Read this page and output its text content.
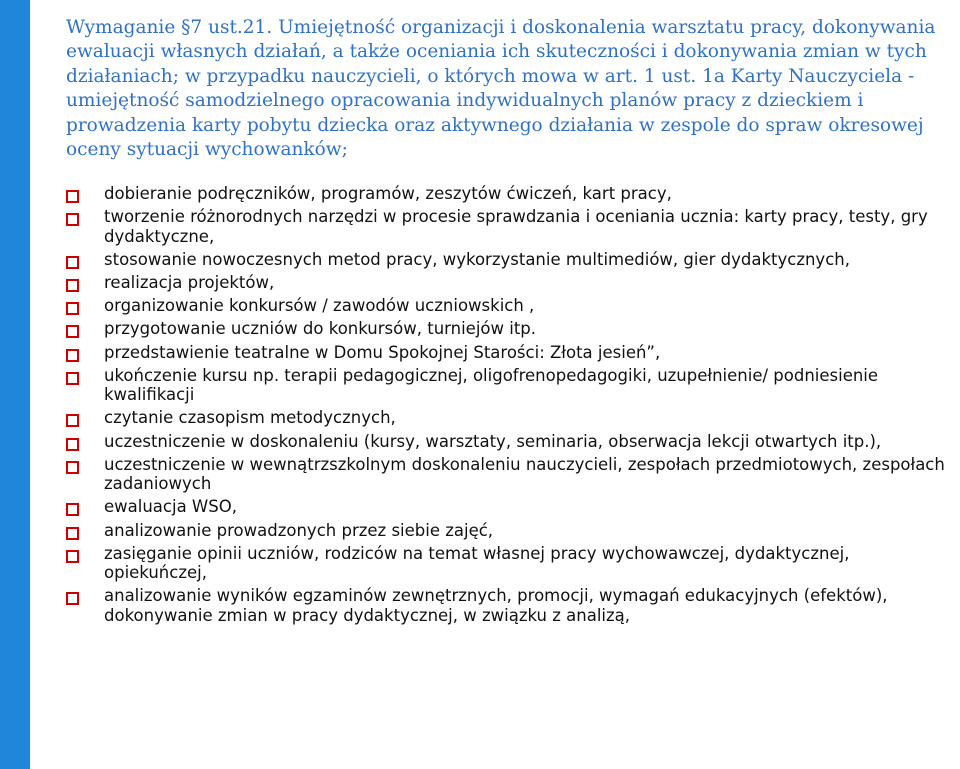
Wymaganie §7 ust.21. Umiejętność organizacji i doskonalenia warsztatu pracy, dokonywania ewaluacji własnych działań, a także oceniania ich skuteczności i dokonywania zmian w tych działaniach; w przypadku nauczycieli, o których mowa w art. 1 ust. 1a Karty Nauczyciela - umiejętność samodzielnego opracowania indywidualnych planów pracy z dzieckiem i prowadzenia karty pobytu dziecka oraz aktywnego działania w zespole do spraw okresowej oceny sytuacji wychowanków;

dobieranie podręczników, programów, zeszytów ćwiczeń, kart pracy,
tworzenie różnorodnych narzędzi w procesie sprawdzania i oceniania ucznia: karty pracy, testy, gry dydaktyczne,
stosowanie nowoczesnych metod pracy, wykorzystanie multimediów, gier dydaktycznych,
realizacja projektów,
organizowanie konkursów / zawodów uczniowskich ,
przygotowanie uczniów do konkursów, turniejów itp.
przedstawienie teatralne w Domu Spokojnej Starości: Złota jesień”,
ukończenie kursu np. terapii pedagogicznej, oligofrenopedagogiki, uzupełnienie/ podniesienie kwalifikacji
czytanie czasopism metodycznych,
uczestniczenie w doskonaleniu (kursy, warsztaty, seminaria, obserwacja lekcji otwartych itp.),
uczestniczenie w wewnątrzszkolnym doskonaleniu nauczycieli, zespołach przedmiotowych, zespołach zadaniowych
ewaluacja WSO,
analizowanie prowadzonych przez siebie zajęć,
zasięganie opinii uczniów, rodziców na temat własnej pracy wychowawczej, dydaktycznej, opiekuńczej,
analizowanie wyników egzaminów zewnętrznych, promocji, wymagań edukacyjnych (efektów), dokonywanie zmian w pracy dydaktycznej, w związku z analizą,
